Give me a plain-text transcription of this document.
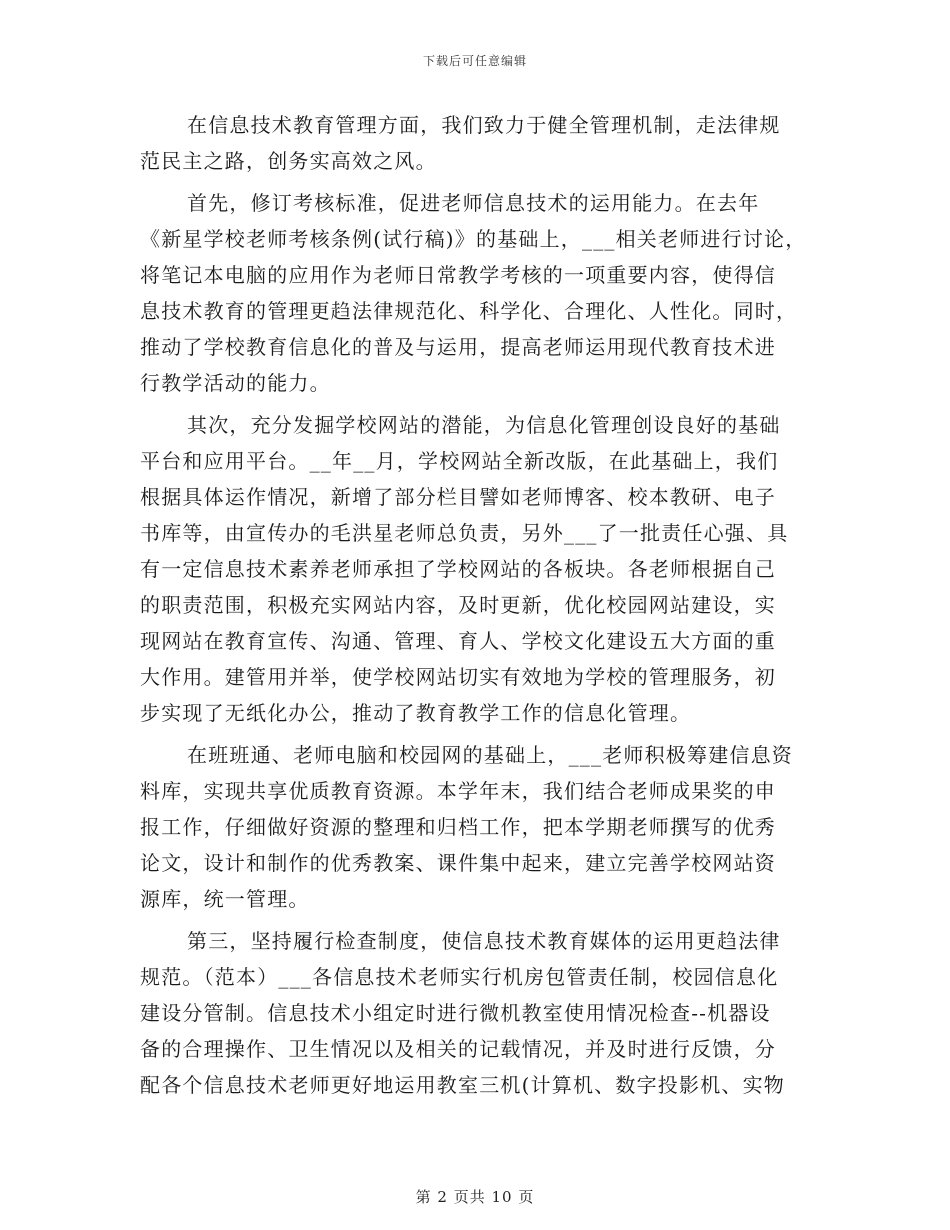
下载后可任意编辑
在信息技术教育管理方面，我们致力于健全管理机制，走法律规
范民主之路，创务实高效之风。
首先，修订考核标准，促进老师信息技术的运用能力。在去年
《新星学校老师考核条例(试行稿)》的基础上，___相关老师进行讨论，
将笔记本电脑的应用作为老师日常教学考核的一项重要内容，使得信
息技术教育的管理更趋法律规范化、科学化、合理化、人性化。同时，
推动了学校教育信息化的普及与运用，提高老师运用现代教育技术进
行教学活动的能力。
其次，充分发掘学校网站的潜能，为信息化管理创设良好的基础
平台和应用平台。__年__月，学校网站全新改版，在此基础上，我们
根据具体运作情况，新增了部分栏目譬如老师博客、校本教研、电子
书库等，由宣传办的毛洪星老师总负责，另外___了一批责任心强、具
有一定信息技术素养老师承担了学校网站的各板块。各老师根据自己
的职责范围，积极充实网站内容，及时更新，优化校园网站建设，实
现网站在教育宣传、沟通、管理、育人、学校文化建设五大方面的重
大作用。建管用并举，使学校网站切实有效地为学校的管理服务，初
步实现了无纸化办公，推动了教育教学工作的信息化管理。
在班班通、老师电脑和校园网的基础上，___老师积极筹建信息资
料库，实现共享优质教育资源。本学年末，我们结合老师成果奖的申
报工作，仔细做好资源的整理和归档工作，把本学期老师撰写的优秀
论文，设计和制作的优秀教案、课件集中起来，建立完善学校网站资
源库，统一管理。
第三，坚持履行检查制度，使信息技术教育媒体的运用更趋法律
规范。（范本）___各信息技术老师实行机房包管责任制，校园信息化
建设分管制。信息技术小组定时进行微机教室使用情况检查--机器设
备的合理操作、卫生情况以及相关的记载情况，并及时进行反馈，分
配各个信息技术老师更好地运用教室三机(计算机、数字投影机、实物
第 2 页共 10 页
